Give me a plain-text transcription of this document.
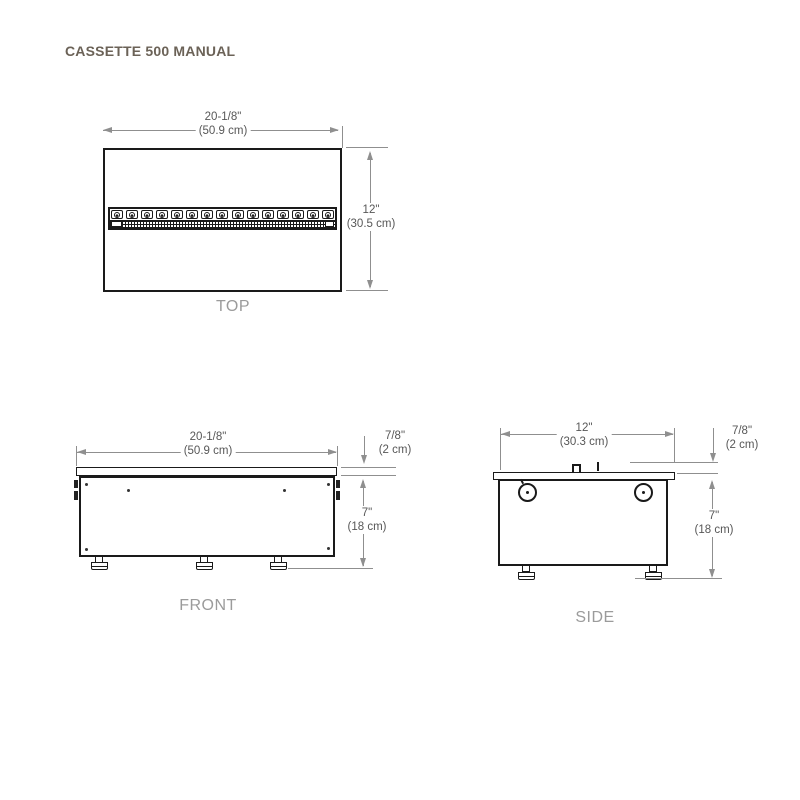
CASSETTE 500 MANUAL
20-1/8"
(50.9 cm)
12"
(30.5 cm)
TOP
20-1/8"
(50.9 cm)
7/8"
(2 cm)
7"
(18 cm)
FRONT
12"
(30.3 cm)
7/8"
(2 cm)
7"
(18 cm)
SIDE
